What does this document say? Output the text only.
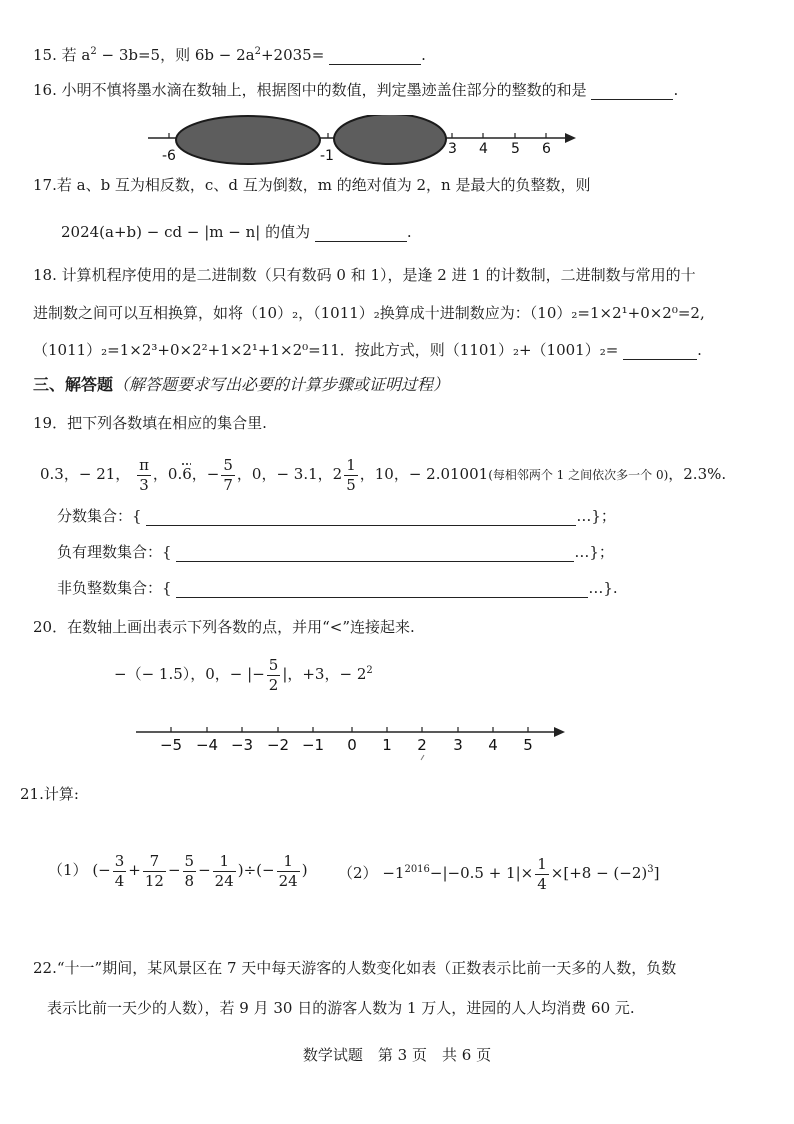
15. 若 $a^2 - 3b=5$，则 $6b - 2a^2+2035=$	.
16. 小明不慎将墨水滴在数轴上，根据图中的数值，判定墨迹盖住部分的整数的和是	.
-6	-1	3 4 5 6
17.若 a、b 互为相反数，c、d 互为倒数，m 的绝对值为 2，n 是最大的负整数，则
2024(a+b) − cd − |m − n| 的值为	.
18. 计算机程序使用的是二进制数（只有数码 0 和 1），是逢 2 进 1 的计数制，二进制数与常用的十
进制数之间可以互相换算，如将（10）₂，（1011）₂换算成十进制数应为：（10）₂=1×2¹+0×2⁰=2,
（1011）₂=1×2³+0×2²+1×2¹+1×2⁰=11．按此方式，则（1101）₂+（1001）₂=	.
三、解答题（解答题要求写出必要的计算步骤或证明过程）
19．把下列各数填在相应的集合里.
0.3，− 21， $\frac{\pi}{3}$ ，0.6，− $\frac{5}{7}$ ，0，− 3.1，$2 \frac{1}{5}$ ，10，− 2.01001(每相邻两个 1 之间依次多一个 0)，2.3%.
分数集合：{	…}；
负有理数集合：{	…}；
非负整数集合：{	…}.
20．在数轴上画出表示下列各数的点，并用“<”连接起来.
−（− 1.5），0，− |− $\frac{5}{2}$ |，+3，− $2^2$
−5 −4 −3 −2 −1 0 1 2 3 4 5
21.计算:
（1） (− $\frac{3}{4} + \frac{7}{12} - \frac{5}{8} - \frac{1}{24}$ )÷(− $\frac{1}{24}$ ) $(2) -1^{2016}-|-0.5 + 1|\times \frac{1}{4} \times[+8 - (-2)^3]$
22.“十一”期间，某风景区在 7 天中每天游客的人数变化如表（正数表示比前一天多的人数，负数
表示比前一天少的人数），若 9 月 30 日的游客人数为 1 万人，进园的人人均消费 60 元.
数学试题　第 3 页　共 6 页
